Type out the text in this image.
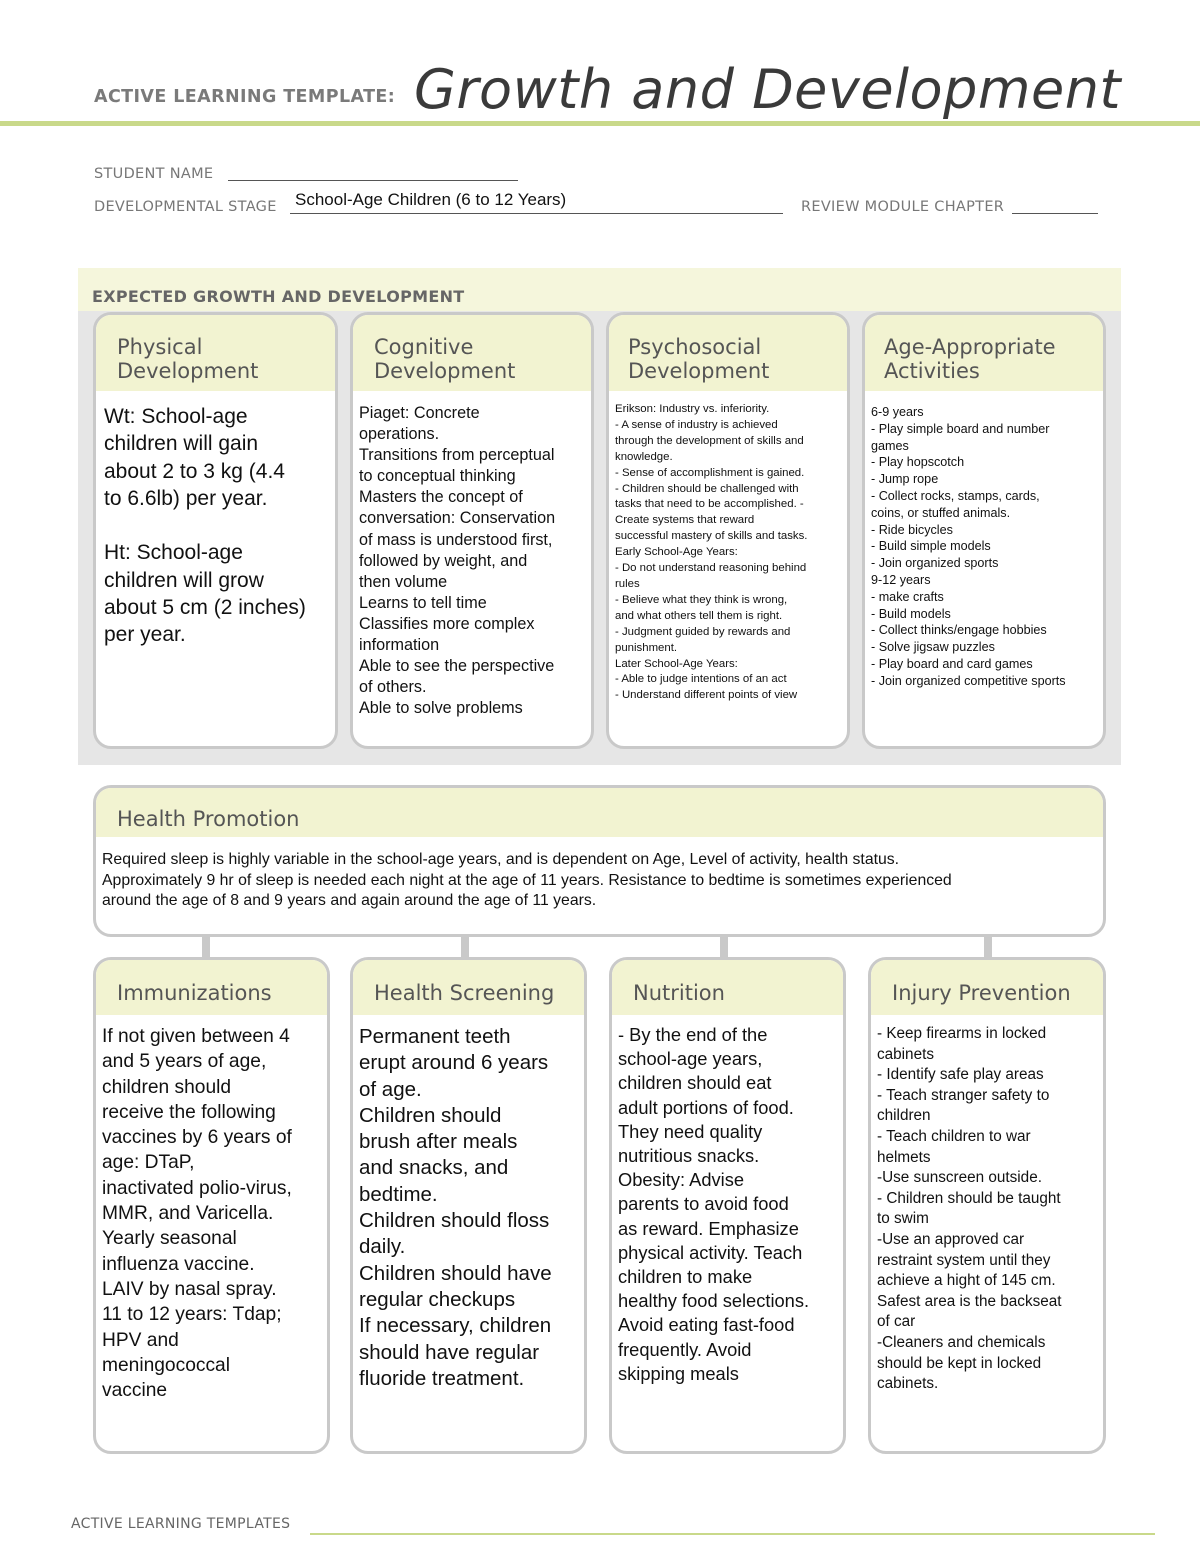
ACTIVE LEARNING TEMPLATE: Growth and Development
STUDENT NAME
DEVELOPMENTAL STAGE School-Age Children (6 to 12 Years)	REVIEW MODULE CHAPTER
EXPECTED GROWTH AND DEVELOPMENT
Physical
Development
Wt: School-age
children will gain
about 2 to 3 kg (4.4
to 6.6lb) per year.

Ht: School-age
children will grow
about 5 cm (2 inches)
per year.
Cognitive
Development
Piaget: Concrete
operations.
Transitions from perceptual
to conceptual thinking
Masters the concept of
conversation: Conservation
of mass is understood first,
followed by weight, and
then volume
Learns to tell time
Classifies more complex
information
Able to see the perspective
of others.
Able to solve problems
Psychosocial
Development
Erikson: Industry vs. inferiority.
- A sense of industry is achieved
through the development of skills and
knowledge.
- Sense of accomplishment is gained.
- Children should be challenged with
tasks that need to be accomplished. -
Create systems that reward
successful mastery of skills and tasks.
Early School-Age Years:
- Do not understand reasoning behind
rules
- Believe what they think is wrong,
and what others tell them is right.
- Judgment guided by rewards and
punishment.
Later School-Age Years:
- Able to judge intentions of an act
- Understand different points of view
Age-Appropriate
Activities
6-9 years
- Play simple board and number
games
- Play hopscotch
- Jump rope
- Collect rocks, stamps, cards,
coins, or stuffed animals.
- Ride bicycles
- Build simple models
- Join organized sports
9-12 years
- make crafts
- Build models
- Collect thinks/engage hobbies
- Solve jigsaw puzzles
- Play board and card games
- Join organized competitive sports
Health Promotion
Required sleep is highly variable in the school-age years, and is dependent on Age, Level of activity, health status.
Approximately 9 hr of sleep is needed each night at the age of 11 years. Resistance to bedtime is sometimes experienced
around the age of 8 and 9 years and again around the age of 11 years.
Immunizations
If not given between 4
and 5 years of age,
children should
receive the following
vaccines by 6 years of
age: DTaP,
inactivated polio-virus,
MMR, and Varicella.
Yearly seasonal
influenza vaccine.
LAIV by nasal spray.
11 to 12 years: Tdap;
HPV and
meningococcal
vaccine
Health Screening
Permanent teeth
erupt around 6 years
of age.
Children should
brush after meals
and snacks, and
bedtime.
Children should floss
daily.
Children should have
regular checkups
If necessary, children
should have regular
fluoride treatment.
Nutrition
- By the end of the
school-age years,
children should eat
adult portions of food.
They need quality
nutritious snacks.
Obesity: Advise
parents to avoid food
as reward. Emphasize
physical activity. Teach
children to make
healthy food selections.
Avoid eating fast-food
frequently. Avoid
skipping meals
Injury Prevention
- Keep firearms in locked
cabinets
- Identify safe play areas
- Teach stranger safety to
children
- Teach children to war
helmets
-Use sunscreen outside.
- Children should be taught
to swim
-Use an approved car
restraint system until they
achieve a hight of 145 cm.
Safest area is the backseat
of car
-Cleaners and chemicals
should be kept in locked
cabinets.
ACTIVE LEARNING TEMPLATES
